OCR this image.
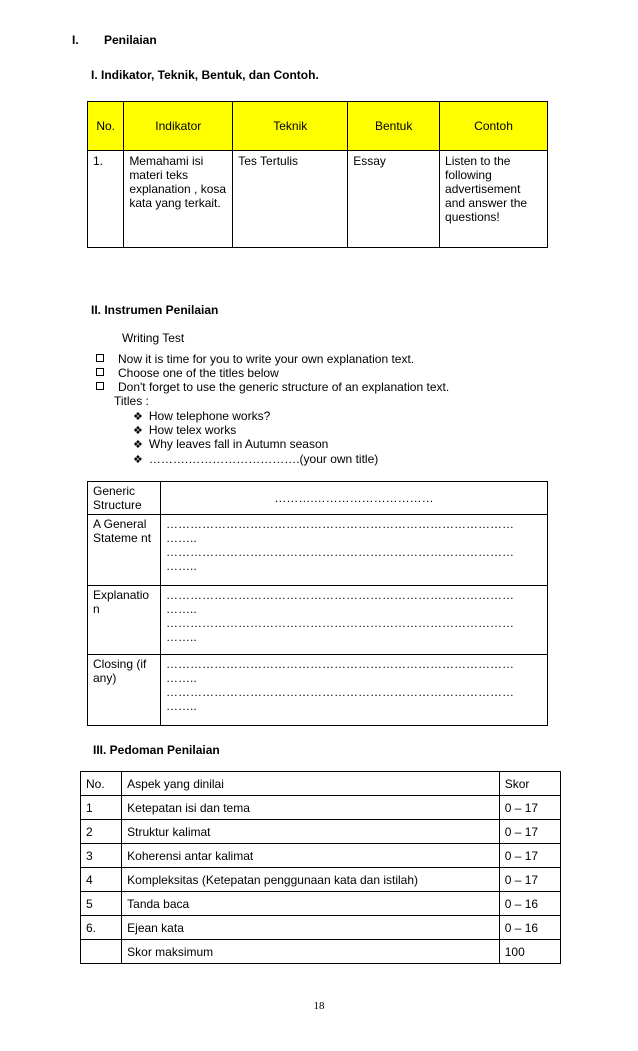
I. Penilaian
I. Indikator, Teknik, Bentuk, dan Contoh.
No.	Indikator	Teknik	Bentuk	Contoh
1.	Memahami isi materi teks explanation , kosa kata yang terkait.	Tes Tertulis	Essay	Listen to the following advertisement and answer the questions!
II. Instrumen Penilaian
Writing Test
Now it is time for you to write your own explanation text.
Choose one of the titles below
Don't forget to use the generic structure of an explanation text.
Titles :
❖ How telephone works?
❖ How telex works
❖ Why leaves fall in Autumn season
❖ ……….……………………….(your own title)
Generic Structure	……….…………………………
A General Stateme nt	……………………………………………………………………………
……..
……………………………………………………………………………
……..

Explanatio n	……………………………………………………………………………
……..
……………………………………………………………………………
……..

Closing (if any)	……………………………………………………………………………
……..
……………………………………………………………………………
……..
III. Pedoman Penilaian
No.	Aspek yang dinilai	Skor
1	Ketepatan isi dan tema	0 – 17
2	Struktur kalimat	0 – 17
3	Koherensi antar kalimat	0 – 17
4	Kompleksitas (Ketepatan penggunaan kata dan istilah)	0 – 17
5	Tanda baca	0 – 16
6.	Ejean kata	0 – 16
	Skor maksimum	100
18
